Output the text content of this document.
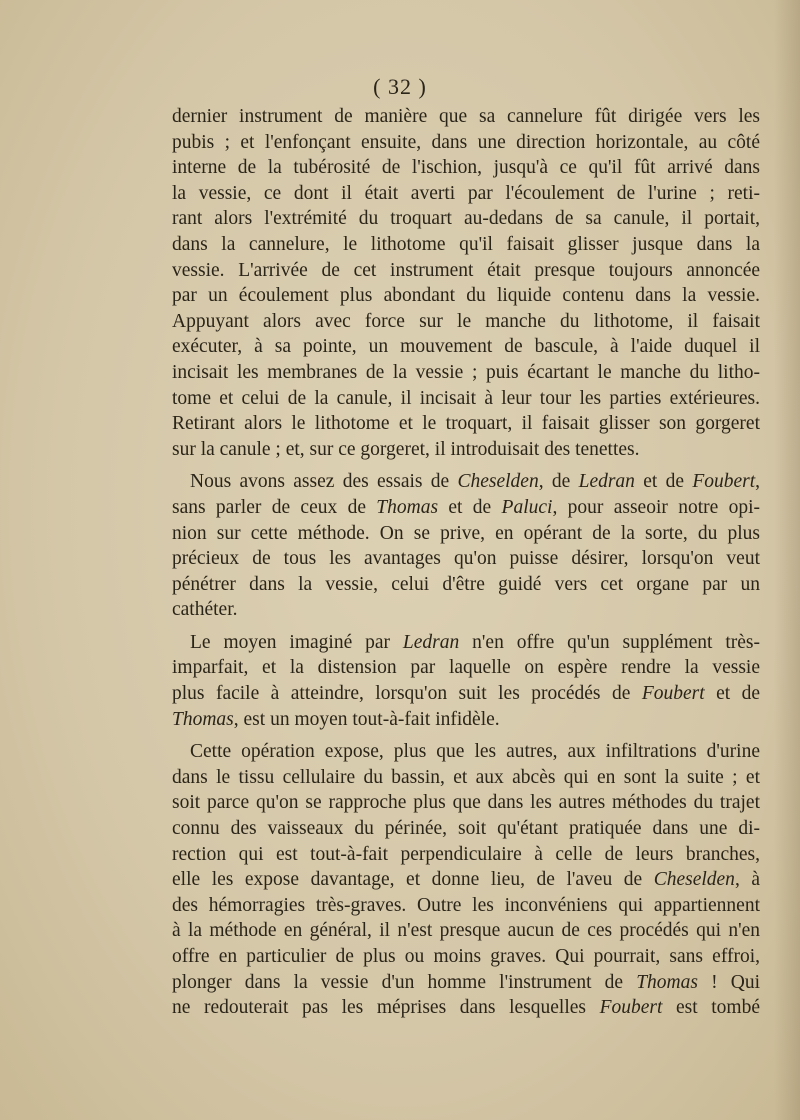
( 32 )
dernier instrument de manière que sa cannelure fût dirigée vers les
pubis ; et l'enfonçant ensuite, dans une direction horizontale, au côté
interne de la tubérosité de l'ischion, jusqu'à ce qu'il fût arrivé dans
la vessie, ce dont il était averti par l'écoulement de l'urine ; reti-
rant alors l'extrémité du troquart au-dedans de sa canule, il portait,
dans la cannelure, le lithotome qu'il faisait glisser jusque dans la
vessie. L'arrivée de cet instrument était presque toujours annoncée
par un écoulement plus abondant du liquide contenu dans la vessie.
Appuyant alors avec force sur le manche du lithotome, il faisait
exécuter, à sa pointe, un mouvement de bascule, à l'aide duquel il
incisait les membranes de la vessie ; puis écartant le manche du litho-
tome et celui de la canule, il incisait à leur tour les parties extérieures.
Retirant alors le lithotome et le troquart, il faisait glisser son gorgeret
sur la canule ; et, sur ce gorgeret, il introduisait des tenettes.
Nous avons assez des essais de Cheselden, de Ledran et de Foubert,
sans parler de ceux de Thomas et de Paluci, pour asseoir notre opi-
nion sur cette méthode. On se prive, en opérant de la sorte, du plus
précieux de tous les avantages qu'on puisse désirer, lorsqu'on veut
pénétrer dans la vessie, celui d'être guidé vers cet organe par un
cathéter.
Le moyen imaginé par Ledran n'en offre qu'un supplément très-
imparfait, et la distension par laquelle on espère rendre la vessie
plus facile à atteindre, lorsqu'on suit les procédés de Foubert et de
Thomas, est un moyen tout-à-fait infidèle.
Cette opération expose, plus que les autres, aux infiltrations d'urine
dans le tissu cellulaire du bassin, et aux abcès qui en sont la suite ; et
soit parce qu'on se rapproche plus que dans les autres méthodes du trajet
connu des vaisseaux du périnée, soit qu'étant pratiquée dans une di-
rection qui est tout-à-fait perpendiculaire à celle de leurs branches,
elle les expose davantage, et donne lieu, de l'aveu de Cheselden, à
des hémorragies très-graves. Outre les inconvéniens qui appartiennent
à la méthode en général, il n'est presque aucun de ces procédés qui n'en
offre en particulier de plus ou moins graves. Qui pourrait, sans effroi,
plonger dans la vessie d'un homme l'instrument de Thomas ! Qui
ne redouterait pas les méprises dans lesquelles Foubert est tombé
